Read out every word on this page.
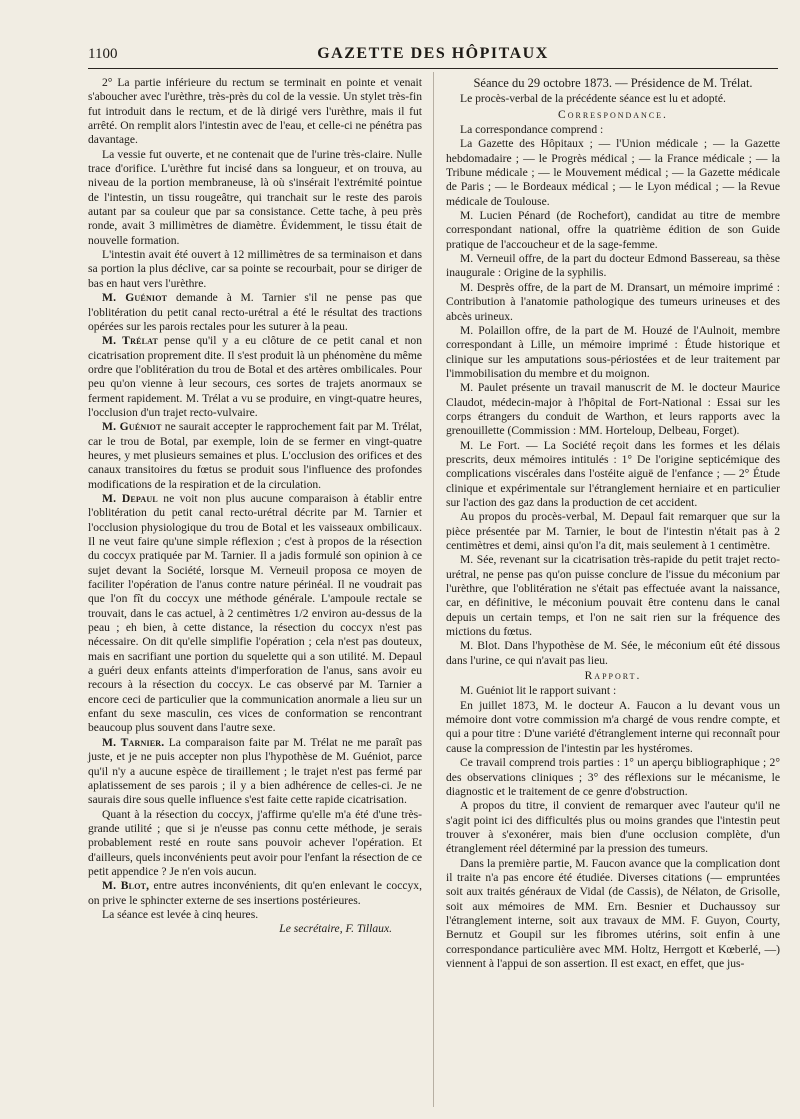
1100	GAZETTE DES HÔPITAUX

2° La partie inférieure du rectum se terminait en pointe et venait s'aboucher avec l'urèthre, très-près du col de la vessie. Un stylet très-fin fut introduit dans le rectum, et de là dirigé vers l'urèthre, mais il fut arrêté. On remplit alors l'intestin avec de l'eau, et celle-ci ne pénétra pas davantage.

La vessie fut ouverte, et ne contenait que de l'urine très-claire. Nulle trace d'orifice. L'urèthre fut incisé dans sa longueur, et on trouva, au niveau de la portion membraneuse, là où s'insérait l'extrémité pointue de l'intestin, un tissu rougeâtre, qui tranchait sur le reste des parois autant par sa couleur que par sa consistance. Cette tache, à peu près ronde, avait 3 millimètres de diamètre. Évidemment, le tissu était de nouvelle formation.

L'intestin avait été ouvert à 12 millimètres de sa terminaison et dans sa portion la plus déclive, car sa pointe se recourbait, pour se diriger de bas en haut vers l'urèthre.

M. Guéniot demande à M. Tarnier s'il ne pense pas que l'oblitération du petit canal recto-urétral a été le résultat des tractions opérées sur les parois rectales pour les suturer à la peau.

M. Trélat pense qu'il y a eu clôture de ce petit canal et non cicatrisation proprement dite. Il s'est produit là un phénomène du même ordre que l'oblitération du trou de Botal et des artères ombilicales. Pour peu qu'on vienne à leur secours, ces sortes de trajets anormaux se ferment rapidement. M. Trélat a vu se produire, en vingt-quatre heures, l'occlusion d'un trajet recto-vulvaire.

M. Guéniot ne saurait accepter le rapprochement fait par M. Trélat, car le trou de Botal, par exemple, loin de se fermer en vingt-quatre heures, y met plusieurs semaines et plus. L'occlusion des orifices et des canaux transitoires du fœtus se produit sous l'influence des profondes modifications de la respiration et de la circulation.

M. Depaul ne voit non plus aucune comparaison à établir entre l'oblitération du petit canal recto-urétral décrite par M. Tarnier et l'occlusion physiologique du trou de Botal et les vaisseaux ombilicaux. Il ne veut faire qu'une simple réflexion ; c'est à propos de la résection du coccyx pratiquée par M. Tarnier. Il a jadis formulé son opinion à ce sujet devant la Société, lorsque M. Verneuil proposa ce moyen de faciliter l'opération de l'anus contre nature périnéal. Il ne voudrait pas que l'on fît du coccyx une méthode générale. L'ampoule rectale se trouvait, dans le cas actuel, à 2 centimètres 1/2 environ au-dessus de la peau ; eh bien, à cette distance, la résection du coccyx n'est pas nécessaire. On dit qu'elle simplifie l'opération ; cela n'est pas douteux, mais en sacrifiant une portion du squelette qui a son utilité. M. Depaul a guéri deux enfants atteints d'imperforation de l'anus, sans avoir eu recours à la résection du coccyx. Le cas observé par M. Tarnier a encore ceci de particulier que la communication anormale a lieu sur un enfant du sexe masculin, ces vices de conformation se rencontrant beaucoup plus souvent dans l'autre sexe.

M. Tarnier. La comparaison faite par M. Trélat ne me paraît pas juste, et je ne puis accepter non plus l'hypothèse de M. Guéniot, parce qu'il n'y a aucune espèce de tiraillement ; le trajet n'est pas fermé par aplatissement de ses parois ; il y a bien adhérence de celles-ci. Je ne saurais dire sous quelle influence s'est faite cette rapide cicatrisation.

Quant à la résection du coccyx, j'affirme qu'elle m'a été d'une très-grande utilité ; que si je n'eusse pas connu cette méthode, je serais probablement resté en route sans pouvoir achever l'opération. Et d'ailleurs, quels inconvénients peut avoir pour l'enfant la résection de ce petit appendice ? Je n'en vois aucun.

M. Blot, entre autres inconvénients, dit qu'en enlevant le coccyx, on prive le sphincter externe de ses insertions postérieures.

La séance est levée à cinq heures.

Le secrétaire, F. Tillaux.

Séance du 29 octobre 1873. — Présidence de M. Trélat.

Le procès-verbal de la précédente séance est lu et adopté.

Correspondance.

La correspondance comprend :

La Gazette des Hôpitaux ; — l'Union médicale ; — la Gazette hebdomadaire ; — le Progrès médical ; — la France médicale ; — la Tribune médicale ; — le Mouvement médical ; — la Gazette médicale de Paris ; — le Bordeaux médical ; — le Lyon médical ; — la Revue médicale de Toulouse.

M. Lucien Pénard (de Rochefort), candidat au titre de membre correspondant national, offre la quatrième édition de son Guide pratique de l'accoucheur et de la sage-femme.

M. Verneuil offre, de la part du docteur Edmond Bassereau, sa thèse inaugurale : Origine de la syphilis.

M. Desprès offre, de la part de M. Dransart, un mémoire imprimé : Contribution à l'anatomie pathologique des tumeurs urineuses et des abcès urineux.

M. Polaillon offre, de la part de M. Houzé de l'Aulnoit, membre correspondant à Lille, un mémoire imprimé : Étude historique et clinique sur les amputations sous-périostées et de leur traitement par l'immobilisation du membre et du moignon.

M. Paulet présente un travail manuscrit de M. le docteur Maurice Claudot, médecin-major à l'hôpital de Fort-National : Essai sur les corps étrangers du conduit de Warthon, et leurs rapports avec la grenouillette (Commission : MM. Horteloup, Delbeau, Forget).

M. Le Fort. — La Société reçoit dans les formes et les délais prescrits, deux mémoires intitulés : 1° De l'origine septicémique des complications viscérales dans l'ostéite aiguë de l'enfance ; — 2° Étude clinique et expérimentale sur l'étranglement herniaire et en particulier sur l'action des gaz dans la production de cet accident.

Au propos du procès-verbal, M. Depaul fait remarquer que sur la pièce présentée par M. Tarnier, le bout de l'intestin n'était pas à 2 centimètres et demi, ainsi qu'on l'a dit, mais seulement à 1 centimètre.

M. Sée, revenant sur la cicatrisation très-rapide du petit trajet recto-urétral, ne pense pas qu'on puisse conclure de l'issue du méconium par l'urèthre, que l'oblitération ne s'était pas effectuée avant la naissance, car, en définitive, le méconium pouvait être contenu dans le canal depuis un certain temps, et l'on ne sait rien sur la fréquence des mictions du fœtus.

M. Blot. Dans l'hypothèse de M. Sée, le méconium eût été dissous dans l'urine, ce qui n'avait pas lieu.

Rapport.

M. Guéniot lit le rapport suivant :

En juillet 1873, M. le docteur A. Faucon a lu devant vous un mémoire dont votre commission m'a chargé de vous rendre compte, et qui a pour titre : D'une variété d'étranglement interne qui reconnaît pour cause la compression de l'intestin par les hystéromes.

Ce travail comprend trois parties : 1° un aperçu bibliographique ; 2° des observations cliniques ; 3° des réflexions sur le mécanisme, le diagnostic et le traitement de ce genre d'obstruction.

A propos du titre, il convient de remarquer avec l'auteur qu'il ne s'agit point ici des difficultés plus ou moins grandes que l'intestin peut trouver à s'exonérer, mais bien d'une occlusion complète, d'un étranglement réel déterminé par la pression des tumeurs.

Dans la première partie, M. Faucon avance que la complication dont il traite n'a pas encore été étudiée. Diverses citations (— empruntées soit aux traités généraux de Vidal (de Cassis), de Nélaton, de Grisolle, soit aux mémoires de MM. Ern. Besnier et Duchaussoy sur l'étranglement interne, soit aux travaux de MM. F. Guyon, Courty, Bernutz et Goupil sur les fibromes utérins, soit enfin à une correspondance particulière avec MM. Holtz, Herrgott et Kœberlé, —) viennent à l'appui de son assertion. Il est exact, en effet, que jus-
